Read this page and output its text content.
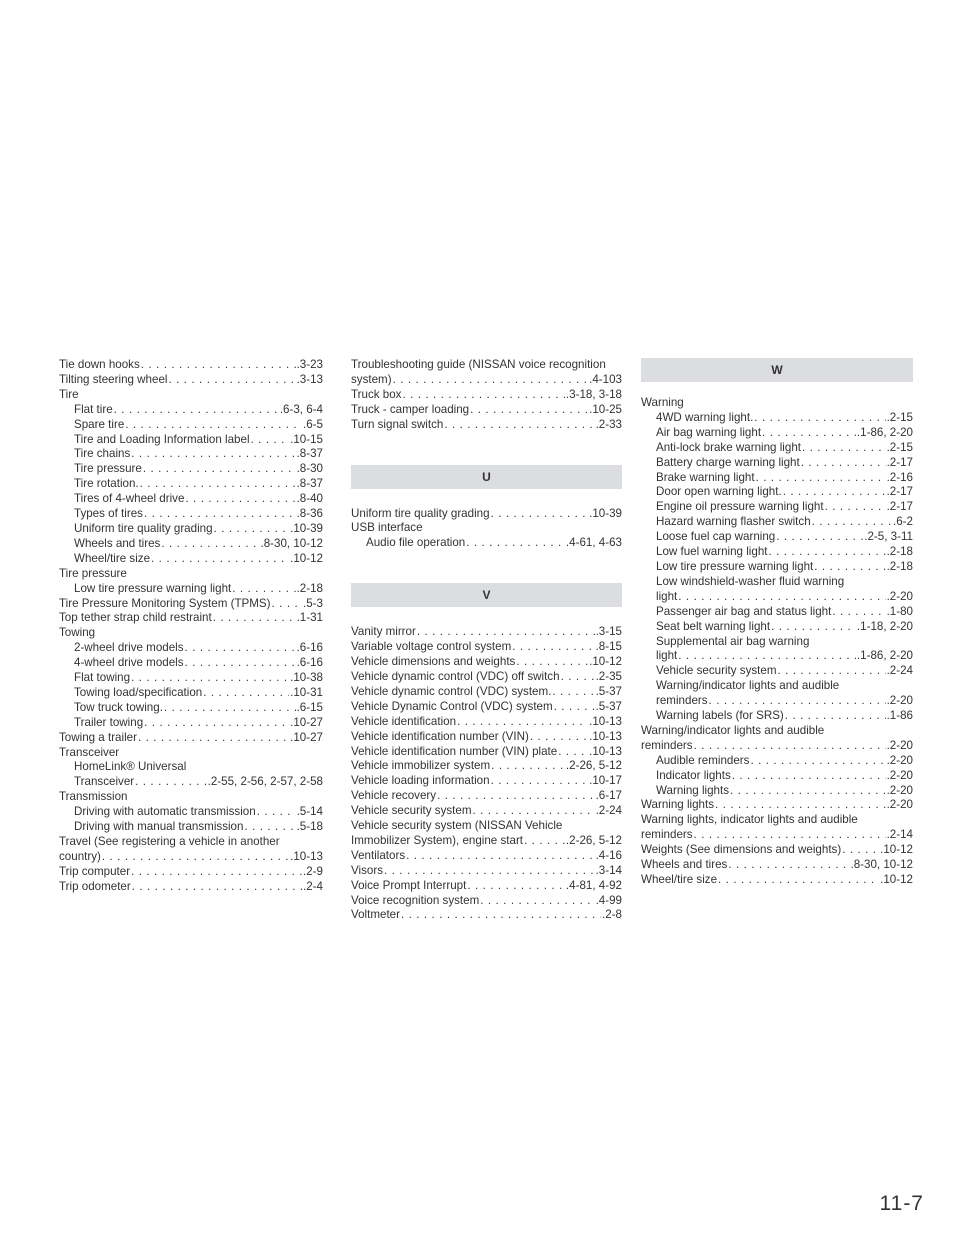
Tie down hooks . . .	.3-23
Tilting steering wheel . . .	.3-13
Tire
Flat tire . . .	.6-3, 6-4
Spare tire . . .	.6-5
Tire and Loading Information label . . .	.10-15
Tire chains . . .	.8-37
Tire pressure . . .	.8-30
Tire rotation. . . .	.8-37
Tires of 4-wheel drive . . .	.8-40
Types of tires . . .	.8-36
Uniform tire quality grading . . .	.10-39
Wheels and tires . . .	.8-30, 10-12
Wheel/tire size . . .	.10-12
Tire pressure
Low tire pressure warning light . . .	.2-18
Tire Pressure Monitoring System (TPMS) . . .	.5-3
Top tether strap child restraint . . .	.1-31
Towing
2-wheel drive models . . .	.6-16
4-wheel drive models . . .	.6-16
Flat towing . . .	.10-38
Towing load/specification . . .	.10-31
Tow truck towing. . . .	.6-15
Trailer towing . . .	.10-27
Towing a trailer . . .	.10-27
Transceiver
HomeLink® Universal
Transceiver . . .	.2-55, 2-56, 2-57, 2-58
Transmission
Driving with automatic transmission . . .	.5-14
Driving with manual transmission . . .	.5-18
Travel (See registering a vehicle in another
country) . . .	.10-13
Trip computer . . .	.2-9
Trip odometer . . .	.2-4
Troubleshooting guide (NISSAN voice recognition
system) . . .	.4-103
Truck box . . .	.3-18, 3-18
Truck - camper loading . . .	.10-25
Turn signal switch . . .	.2-33
U
Uniform tire quality grading . . .	.10-39
USB interface
Audio file operation . . .	.4-61, 4-63
V
Vanity mirror . . .	.3-15
Variable voltage control system . . .	.8-15
Vehicle dimensions and weights . . .	.10-12
Vehicle dynamic control (VDC) off switch . . .	.2-35
Vehicle dynamic control (VDC) system. . . .	.5-37
Vehicle Dynamic Control (VDC) system . . .	.5-37
Vehicle identification . . .	.10-13
Vehicle identification number (VIN) . . .	.10-13
Vehicle identification number (VIN) plate . . .	.10-13
Vehicle immobilizer system . . .	.2-26, 5-12
Vehicle loading information . . .	.10-17
Vehicle recovery . . .	.6-17
Vehicle security system . . .	.2-24
Vehicle security system (NISSAN Vehicle
Immobilizer System), engine start . . .	.2-26, 5-12
Ventilators . . .	.4-16
Visors . . .	.3-14
Voice Prompt Interrupt . . .	.4-81, 4-92
Voice recognition system . . .	.4-99
Voltmeter . . .	.2-8
W
Warning
4WD warning light. . . .	.2-15
Air bag warning light . . .	.1-86, 2-20
Anti-lock brake warning light . . .	.2-15
Battery charge warning light . . .	.2-17
Brake warning light . . .	.2-16
Door open warning light. . . .	.2-17
Engine oil pressure warning light . . .	.2-17
Hazard warning flasher switch . . .	.6-2
Loose fuel cap warning . . .	.2-5, 3-11
Low fuel warning light . . .	.2-18
Low tire pressure warning light . . .	.2-18
Low windshield-washer fluid warning
light . . .	.2-20
Passenger air bag and status light . . .	.1-80
Seat belt warning light . . .	.1-18, 2-20
Supplemental air bag warning
light . . .	.1-86, 2-20
Vehicle security system . . .	.2-24
Warning/indicator lights and audible
reminders . . .	.2-20
Warning labels (for SRS) . . .	.1-86
Warning/indicator lights and audible
reminders . . .	.2-20
Audible reminders . . .	.2-20
Indicator lights . . .	.2-20
Warning lights . . .	.2-20
Warning lights . . .	.2-20
Warning lights, indicator lights and audible
reminders . . .	.2-14
Weights (See dimensions and weights) . . .	.10-12
Wheels and tires . . .	.8-30, 10-12
Wheel/tire size . . .	.10-12
11-7
